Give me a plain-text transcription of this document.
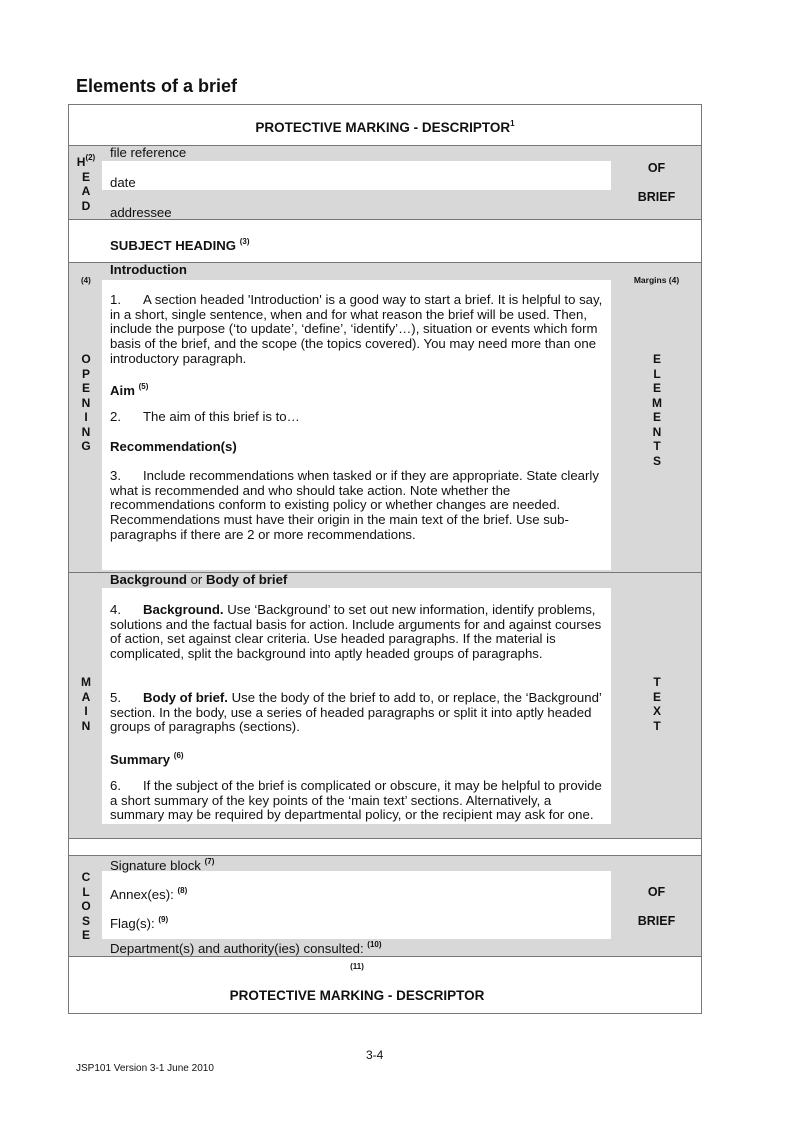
Elements of a brief
PROTECTIVE MARKING - DESCRIPTOR$^1$
$H^{(2)}$
E
A
D
file reference
date
addressee
OF
BRIEF
SUBJECT HEADING $^{(3)}$
(4)
O
P
E
N
I
N
G
Margins (4)
E
L
E
M
E
N
T
S
Introduction
1. A section headed 'Introduction' is a good way to start a brief. It is helpful to say, in a short, single sentence, when and for what reason the brief will be used. Then, include the purpose (‘to update’, ‘define’, ‘identify’…), situation or events which form basis of the brief, and the scope (the topics covered). You may need more than one introductory paragraph.
Aim $^{(5)}$
2. The aim of this brief is to…
Recommendation(s)
3. Include recommendations when tasked or if they are appropriate. State clearly what is recommended and who should take action. Note whether the recommendations conform to existing policy or whether changes are needed. Recommendations must have their origin in the main text of the brief. Use sub-paragraphs if there are 2 or more recommendations.
M
A
I
N
T
E
X
T
Background or Body of brief
4. Background. Use ‘Background’ to set out new information, identify problems, solutions and the factual basis for action. Include arguments for and against courses of action, set against clear criteria. Use headed paragraphs. If the material is complicated, split the background into aptly headed groups of paragraphs.
5. Body of brief. Use the body of the brief to add to, or replace, the ‘Background’ section. In the body, use a series of headed paragraphs or split it into aptly headed groups of paragraphs (sections).
Summary $^{(6)}$
6. If the subject of the brief is complicated or obscure, it may be helpful to provide a short summary of the key points of the ‘main text’ sections. Alternatively, a summary may be required by departmental policy, or the recipient may ask for one.
C
L
O
S
E
Signature block $^{(7)}$
Annex(es): $^{(8)}$
Flag(s): $^{(9)}$
Department(s) and authority(ies) consulted: $^{(10)}$
OF
BRIEF
(11)
PROTECTIVE MARKING - DESCRIPTOR
3-4
JSP101 Version 3-1 June 2010
